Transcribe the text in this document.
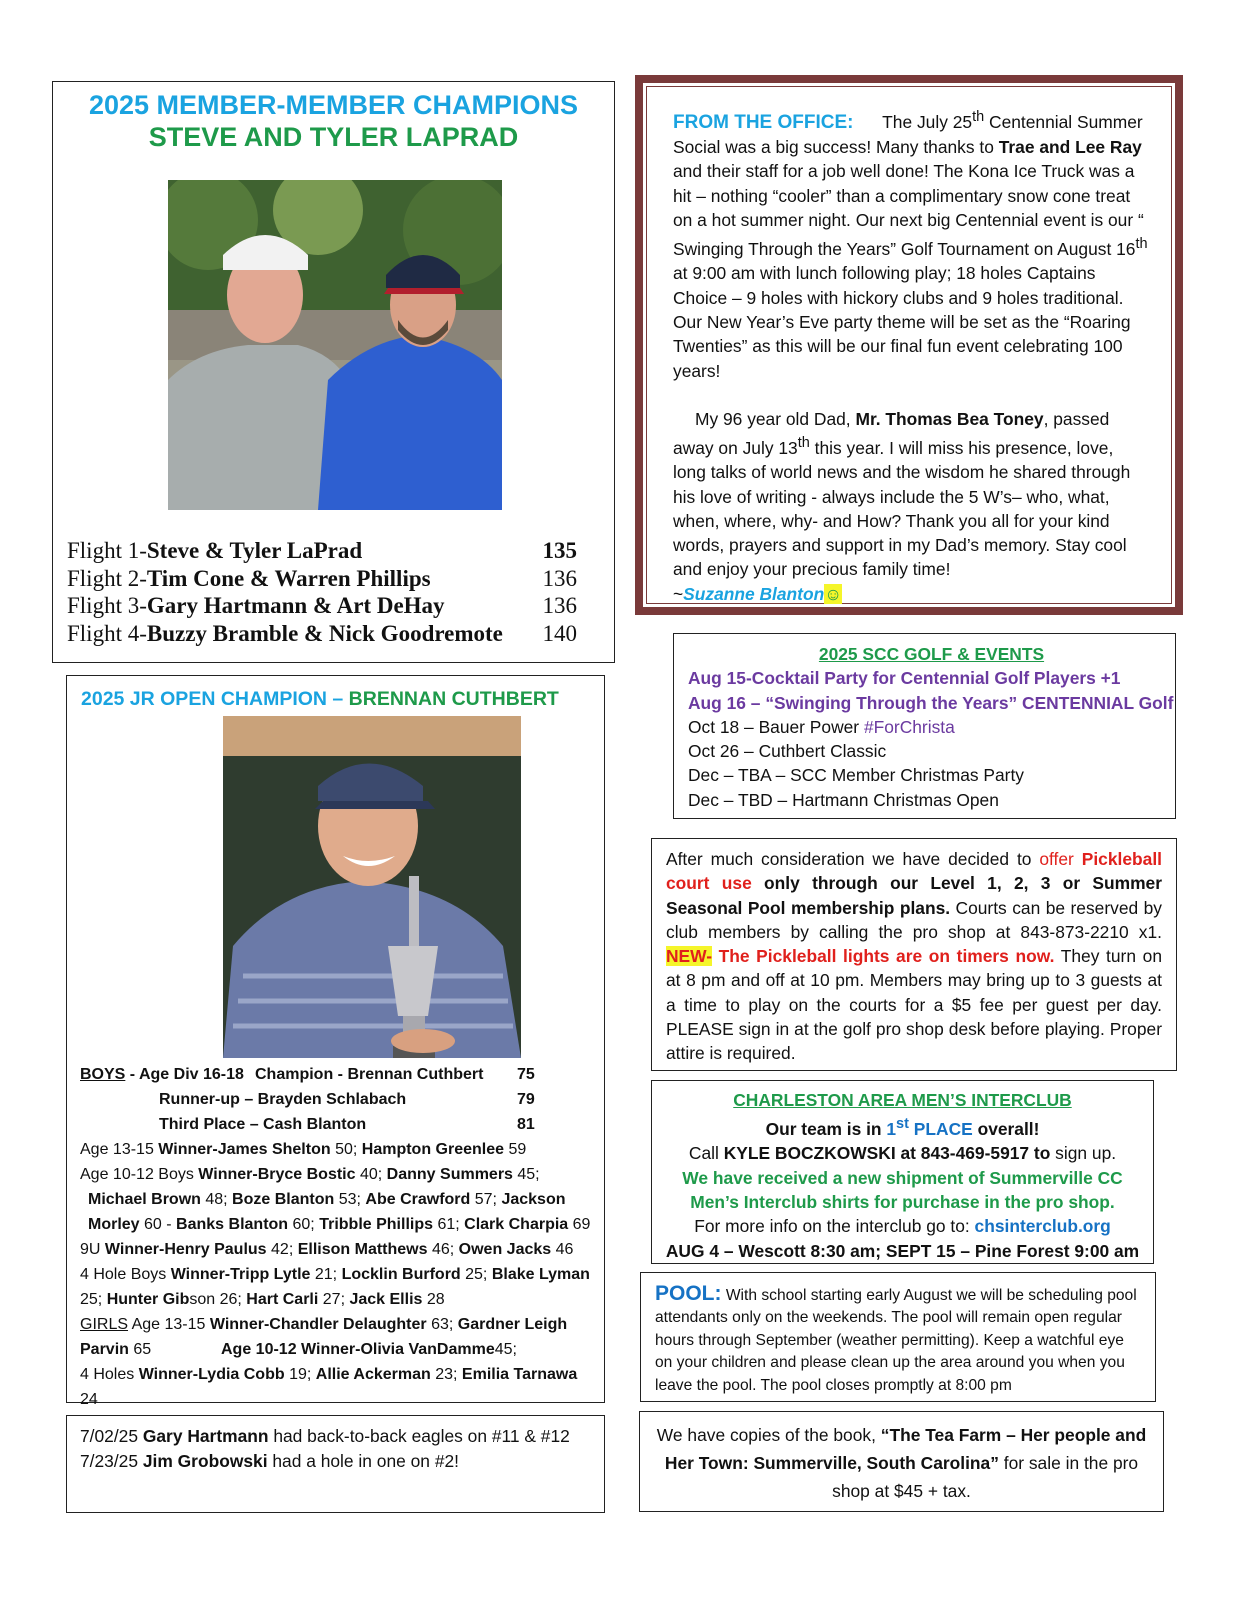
2025 MEMBER-MEMBER CHAMPIONS
STEVE AND TYLER LAPRAD
Flight 1-Steve & Tyler LaPrad	135
Flight 2-Tim Cone & Warren Phillips	136
Flight 3-Gary Hartmann & Art DeHay	136
Flight 4-Buzzy Bramble & Nick Goodremote 140

FROM THE OFFICE: The July 25th Centennial Summer Social was a big success! Many thanks to Trae and Lee Ray and their staff for a job well done! The Kona Ice Truck was a hit – nothing “cooler” than a complimentary snow cone treat on a hot summer night. Our next big Centennial event is our “ Swinging Through the Years” Golf Tournament on August 16th at 9:00 am with lunch following play; 18 holes Captains Choice – 9 holes with hickory clubs and 9 holes traditional. Our New Year’s Eve party theme will be set as the “Roaring Twenties” as this will be our final fun event celebrating 100 years!

My 96 year old Dad, Mr. Thomas Bea Toney, passed away on July 13th this year. I will miss his presence, love, long talks of world news and the wisdom he shared through his love of writing - always include the 5 W’s– who, what, when, where, why- and How? Thank you all for your kind words, prayers and support in my Dad’s memory. Stay cool and enjoy your precious family time!

~Suzanne Blanton☺

2025 SCC GOLF & EVENTS
Aug 15-Cocktail Party for Centennial Golf Players +1
Aug 16 – “Swinging Through the Years” CENTENNIAL Golf
Oct 18 – Bauer Power #ForChrista
Oct 26 – Cuthbert Classic
Dec – TBA – SCC Member Christmas Party
Dec – TBD – Hartmann Christmas Open
2025 JR OPEN CHAMPION – BRENNAN CUTHBERT
BOYS - Age Div 16-18 Champion - Brennan Cuthbert	75
Runner-up – Brayden Schlabach	79
Third Place – Cash Blanton	81
Age 13-15 Winner-James Shelton 50; Hampton Greenlee 59
Age 10-12 Boys Winner-Bryce Bostic 40; Danny Summers 45;
Michael Brown 48; Boze Blanton 53; Abe Crawford 57; Jackson
Morley 60 - Banks Blanton 60; Tribble Phillips 61; Clark Charpia 69
9U Winner-Henry Paulus 42; Ellison Matthews 46; Owen Jacks 46
4 Hole Boys Winner-Tripp Lytle 21; Locklin Burford 25; Blake Lyman
25; Hunter Gibson 26; Hart Carli 27; Jack Ellis 28
GIRLS Age 13-15 Winner-Chandler Delaughter 63; Gardner Leigh
Parvin 65	Age 10-12 Winner-Olivia VanDamme 45;
4 Holes Winner-Lydia Cobb 19; Allie Ackerman 23; Emilia Tarnawa 24
After much consideration we have decided to offer Pickleball court use only through our Level 1, 2, 3 or Summer Seasonal Pool membership plans. Courts can be reserved by club members by calling the pro shop at 843-873-2210 x1. NEW- The Pickleball lights are on timers now. They turn on at 8 pm and off at 10 pm. Members may bring up to 3 guests at a time to play on the courts for a $5 fee per guest per day. PLEASE sign in at the golf pro shop desk before playing. Proper attire is required.
CHARLESTON AREA MEN’S INTERCLUB
Our team is in 1st PLACE overall!
Call KYLE BOCZKOWSKI at 843-469-5917 to sign up.
We have received a new shipment of Summerville CC Men’s Interclub shirts for purchase in the pro shop.
For more info on the interclub go to: chsinterclub.org
AUG 4 – Wescott 8:30 am; SEPT 15 – Pine Forest 9:00 am
POOL: With school starting early August we will be scheduling pool attendants only on the weekends. The pool will remain open regular hours through September (weather permitting). Keep a watchful eye on your children and please clean up the area around you when you leave the pool. The pool closes promptly at 8:00 pm
7/02/25 Gary Hartmann had back-to-back eagles on #11 & #12
7/23/25 Jim Grobowski had a hole in one on #2!
We have copies of the book, “The Tea Farm – Her people and Her Town: Summerville, South Carolina” for sale in the pro shop at $45 + tax.
